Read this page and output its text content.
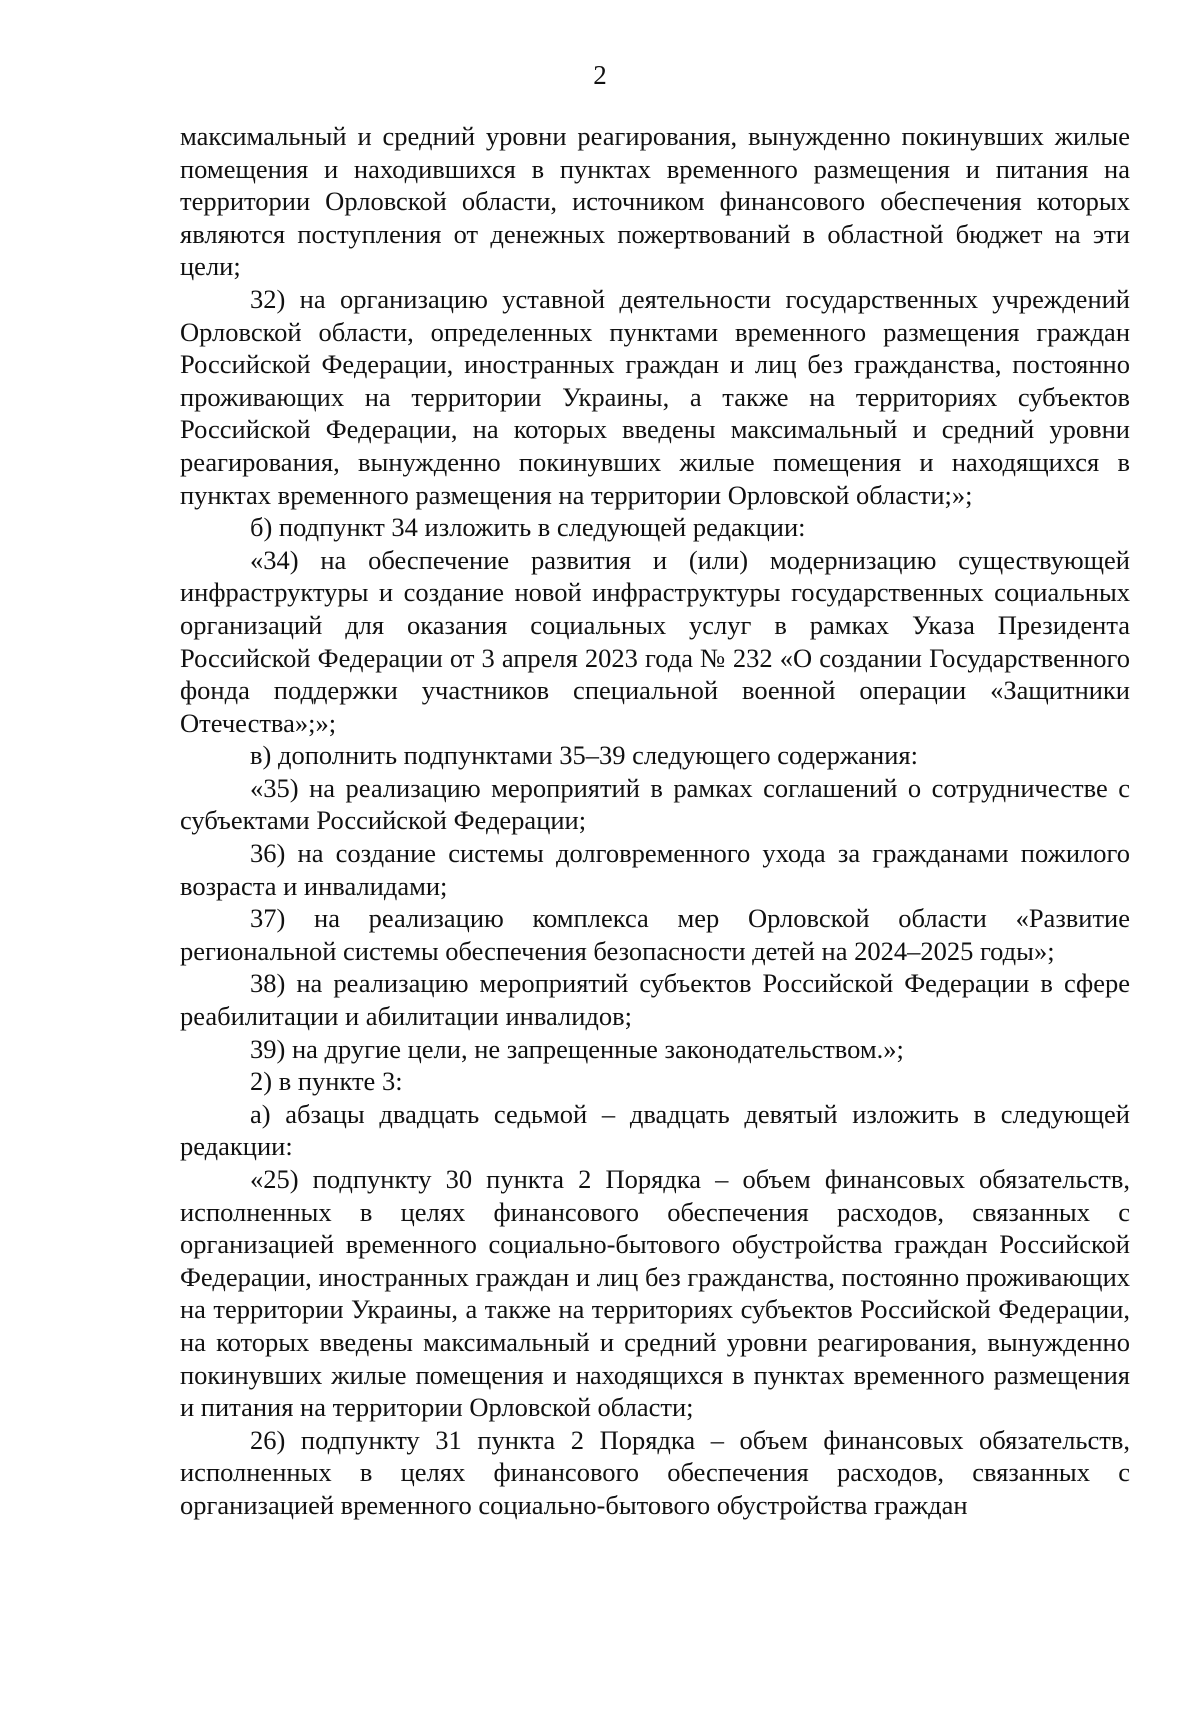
2

максимальный и средний уровни реагирования, вынужденно покинувших жилые помещения и находившихся в пунктах временного размещения и питания на территории Орловской области, источником финансового обеспечения которых являются поступления от денежных пожертвований в областной бюджет на эти цели;

32) на организацию уставной деятельности государственных учреждений Орловской области, определенных пунктами временного размещения граждан Российской Федерации, иностранных граждан и лиц без гражданства, постоянно проживающих на территории Украины, а также на территориях субъектов Российской Федерации, на которых введены максимальный и средний уровни реагирования, вынужденно покинувших жилые помещения и находящихся в пунктах временного размещения на территории Орловской области;»;

б) подпункт 34 изложить в следующей редакции:

«34) на обеспечение развития и (или) модернизацию существующей инфраструктуры и создание новой инфраструктуры государственных социальных организаций для оказания социальных услуг в рамках Указа Президента Российской Федерации от 3 апреля 2023 года № 232 «О создании Государственного фонда поддержки участников специальной военной операции «Защитники Отечества»;»;

в) дополнить подпунктами 35–39 следующего содержания:

«35) на реализацию мероприятий в рамках соглашений о сотрудничестве с субъектами Российской Федерации;

36) на создание системы долговременного ухода за гражданами пожилого возраста и инвалидами;

37) на реализацию комплекса мер Орловской области «Развитие региональной системы обеспечения безопасности детей на 2024–2025 годы»;

38) на реализацию мероприятий субъектов Российской Федерации в сфере реабилитации и абилитации инвалидов;

39) на другие цели, не запрещенные законодательством.»;

2) в пункте 3:

а) абзацы двадцать седьмой – двадцать девятый изложить в следующей редакции:

«25) подпункту 30 пункта 2 Порядка – объем финансовых обязательств, исполненных в целях финансового обеспечения расходов, связанных с организацией временного социально-бытового обустройства граждан Российской Федерации, иностранных граждан и лиц без гражданства, постоянно проживающих на территории Украины, а также на территориях субъектов Российской Федерации, на которых введены максимальный и средний уровни реагирования, вынужденно покинувших жилые помещения и находящихся в пунктах временного размещения и питания на территории Орловской области;

26) подпункту 31 пункта 2 Порядка – объем финансовых обязательств, исполненных в целях финансового обеспечения расходов, связанных с организацией временного социально-бытового обустройства граждан
